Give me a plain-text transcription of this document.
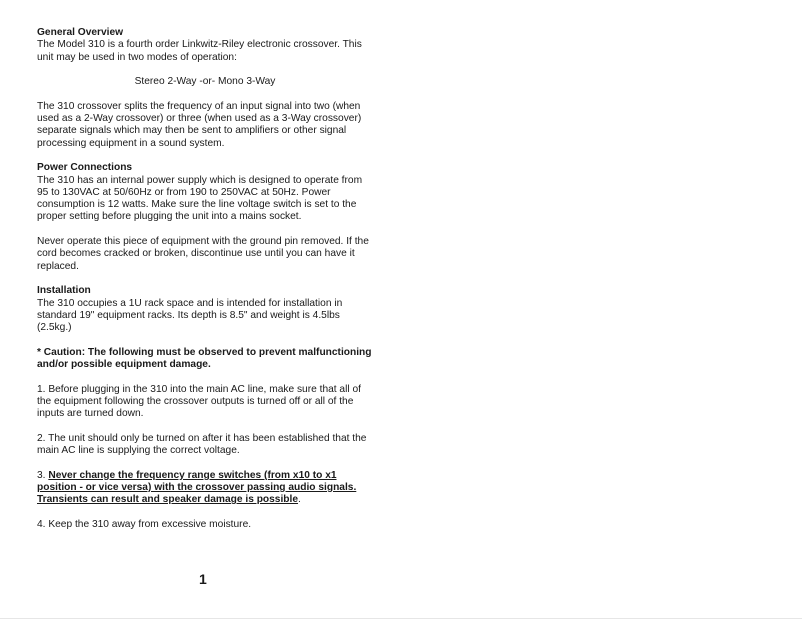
General Overview

The Model 310 is a fourth order Linkwitz-Riley electronic crossover. This unit may be used in two modes of operation:

Stereo 2-Way -or- Mono 3-Way

The 310 crossover splits the frequency of an input signal into two (when used as a 2-Way crossover) or three (when used as a 3-Way crossover) separate signals which may then be sent to amplifiers or other signal processing equipment in a sound system.

Power Connections

The 310 has an internal power supply which is designed to operate from 95 to 130VAC at 50/60Hz or from 190 to 250VAC at 50Hz. Power consumption is 12 watts. Make sure the line voltage switch is set to the proper setting before plugging the unit into a mains socket.

Never operate this piece of equipment with the ground pin removed. If the cord becomes cracked or broken, discontinue use until you can have it replaced.

Installation

The 310 occupies a 1U rack space and is intended for installation in standard 19" equipment racks. Its depth is 8.5" and weight is 4.5lbs (2.5kg.)

* Caution: The following must be observed to prevent malfunctioning and/or possible equipment damage.

1. Before plugging in the 310 into the main AC line, make sure that all of the equipment following the crossover outputs is turned off or all of the inputs are turned down.

2. The unit should only be turned on after it has been established that the main AC line is supplying the correct voltage.

3. Never change the frequency range switches (from x10 to x1 position - or vice versa) with the crossover passing audio signals. Transients can result and speaker damage is possible.

4. Keep the 310 away from excessive moisture.

1
